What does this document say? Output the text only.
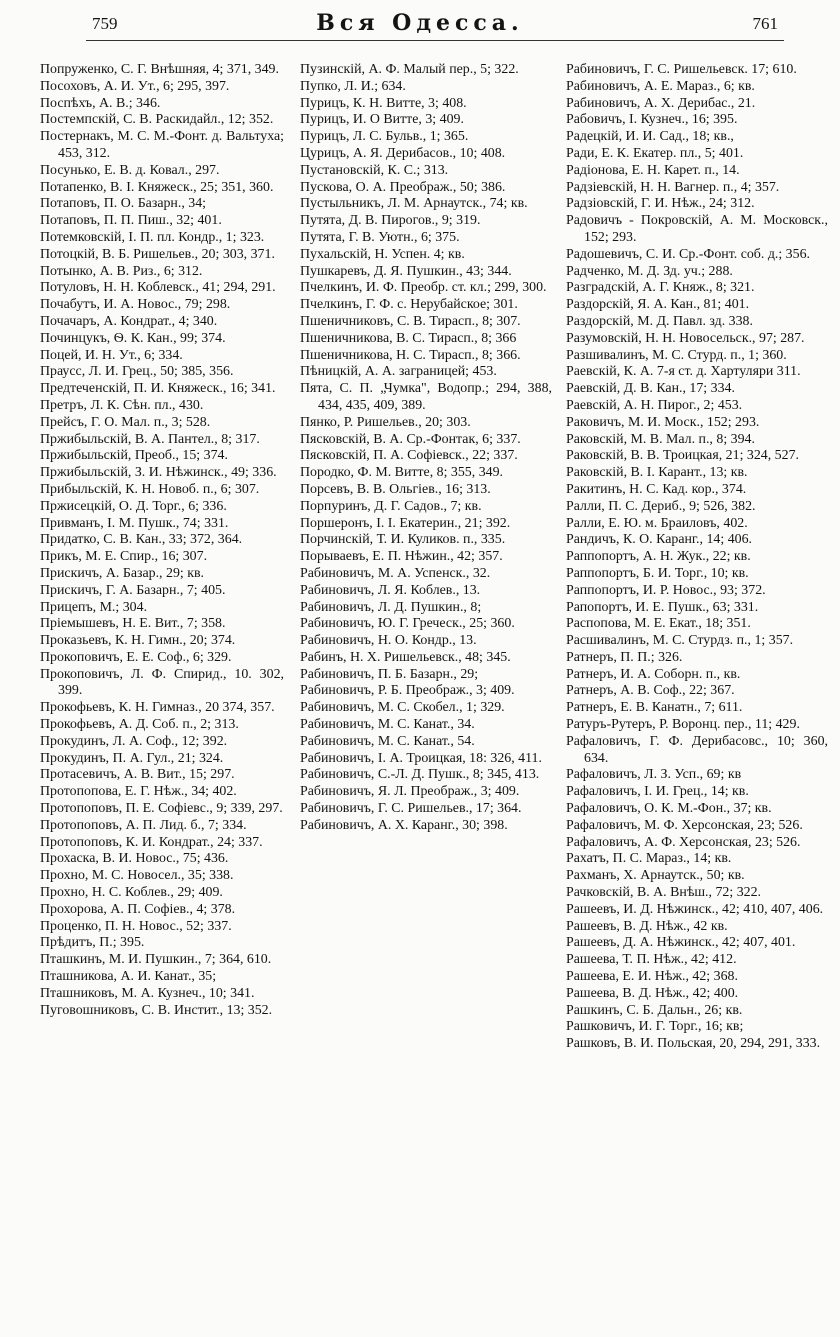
759	Вся Одесса.	761

Попруженко, С. Г. Внѣшняя, 4; 371, 349.

Посоховъ, А. И. Ут., 6; 295, 397.

Поспѣхъ, А. В.; 346.

Постемпскій, С. В. Раскидайл., 12; 352.

Постернакъ, М. С. М.-Фонт. д. Вальтуха; 453, 312.

Посунько, Е. В. д. Ковал., 297.

Потапенко, В. I. Княжеск., 25; 351, 360.

Потаповъ, П. О. Базарн., 34;

Потаповъ, П. П. Пиш., 32; 401.

Потемковскій, I. П. пл. Кондр., 1; 323.

Потоцкій, В. Б. Ришельев., 20; 303, 371.

Потынко, А. В. Риз., 6; 312.

Потуловъ, Н. Н. Коблевск., 41; 294, 291.

Почабутъ, И. А. Новос., 79; 298.

Почачаръ, А. Кондрат., 4; 340.

Починцукъ, Ѳ. К. Кан., 99; 374.

Поцей, И. Н. Ут., 6; 334.

Праусс, Л. И. Грец., 50; 385, 356.

Предтеченскій, П. И. Княжеск., 16; 341.

Претръ, Л. К. Сѣн. пл., 430.

Прейсъ, Г. О. Мал. п., 3; 528.

Пржибыльскій, В. А. Пантел., 8; 317.

Пржибыльскій, Преоб., 15; 374.

Пржибыльскій, З. И. Нѣжинск., 49; 336.

Прибыльскій, К. Н. Новоб. п., 6; 307.

Пржисецкій, О. Д. Торг., 6; 336.

Привманъ, I. М. Пушк., 74; 331.

Придатко, С. В. Кан., 33; 372, 364.

Прикъ, М. Е. Спир., 16; 307.

Прискичъ, А. Базар., 29; кв.

Прискичъ, Г. А. Базарн., 7; 405.

Прицепъ, М.; 304.

Пріемышевъ, Н. Е. Вит., 7; 358.

Проказьевъ, К. Н. Гимн., 20; 374.

Прокоповичъ, Е. Е. Соф., 6; 329.

Прокоповичъ, Л. Ф. Спирид., 10. 302, 399.

Прокофьевъ, К. Н. Гимназ., 20 374, 357.

Прокофьевъ, А. Д. Соб. п., 2; 313.

Прокудинъ, Л. А. Соф., 12; 392.

Прокудинъ, П. А. Гул., 21; 324.

Протасевичъ, А. В. Вит., 15; 297.

Протопопова, Е. Г. Нѣж., 34; 402.

Протопоповъ, П. Е. Софіевс., 9; 339, 297.

Протопоповъ, А. П. Лид. б., 7; 334.

Протопоповъ, К. И. Кондрат., 24; 337.

Прохаска, В. И. Новос., 75; 436.

Прохно, М. С. Новосел., 35; 338.

Прохно, Н. С. Коблев., 29; 409.

Прохорова, А. П. Софіев., 4; 378.

Проценко, П. Н. Новос., 52; 337.

Прѣдитъ, П.; 395.

Пташкинъ, М. И. Пушкин., 7; 364, 610.

Пташникова, А. И. Канат., 35;

Пташниковъ, М. А. Кузнеч., 10; 341.

Пуговошниковъ, С. В. Инстит., 13; 352.

Пузинскій, А. Ф. Малый пер., 5; 322.

Пупко, Л. И.; 634.

Пурицъ, К. Н. Витте, 3; 408.

Пурицъ, И. О Витте, 3; 409.

Пурицъ, Л. С. Бульв., 1; 365.

Цурицъ, А. Я. Дерибасов., 10; 408.

Пустановскій, К. С.; 313.

Пускова, О. А. Преображ., 50; 386.

Пустыльникъ, Л. М. Арнаутск., 74; кв.

Путята, Д. В. Пирогов., 9; 319.

Путята, Г. В. Уютн., 6; 375.

Пухальскій, Н. Успен. 4; кв.

Пушкаревъ, Д. Я. Пушкин., 43; 344.

Пчелкинъ, И. Ф. Преобр. ст. кл.; 299, 300.

Пчелкинъ, Г. Ф. с. Нерубайское; 301.

Пшеничниковъ, С. В. Тирасп., 8; 307.

Пшеничникова, В. С. Тирасп., 8; 366

Пшеничникова, Н. С. Тирасп., 8; 366.

Пѣницкій, А. А. заграницей; 453.

Пята, С. П. „Чумка", Водопр.; 294, 388, 434, 435, 409, 389.

Пянко, Р. Ришельев., 20; 303.

Пясковскій, В. А. Ср.-Фонтак, 6; 337.

Пясковскій, П. А. Софіевск., 22; 337.

Породко, Ф. М. Витте, 8; 355, 349.

Порсевъ, В. В. Ольгіев., 16; 313.

Порпуринъ, Д. Г. Садов., 7; кв.

Поршеронъ, I. I. Екатерин., 21; 392.

Порчинскій, Т. И. Куликов. п., 335.

Порываевъ, Е. П. Нѣжин., 42; 357.

Рабиновичъ, М. А. Успенск., 32.

Рабиновичъ, Л. Я. Коблев., 13.

Рабиновичъ, Л. Д. Пушкин., 8;

Рабиновичъ, Ю. Г. Греческ., 25; 360.

Рабиновичъ, Н. О. Кондр., 13.

Рабинъ, Н. Х. Ришельевск., 48; 345.

Рабиновичъ, П. Б. Базарн., 29;

Рабиновичъ, Р. Б. Преображ., 3; 409.

Рабиновичъ, М. С. Скобел., 1; 329.

Рабиновичъ, М. С. Канат., 34.

Рабиновичъ, М. С. Канат., 54.

Рабиновичъ, I. А. Троицкая, 18: 326, 411.

Рабиновичъ, С.-Л. Д. Пушк., 8; 345, 413.

Рабиновичъ, Я. Л. Преображ., 3; 409.

Рабиновичъ, Г. С. Ришельев., 17; 364.

Рабиновичъ, А. Х. Каранг., 30; 398.

Рабиновичъ, Г. С. Ришельевск. 17; 610.

Рабиновичъ, А. Е. Мараз., 6; кв.

Рабиновичъ, А. Х. Дерибас., 21.

Рабовичъ, I. Кузнеч., 16; 395.

Радецкій, И. И. Сад., 18; кв.,

Ради, Е. К. Екатер. пл., 5; 401.

Радіонова, Е. Н. Карет. п., 14.

Радзіевскій, Н. Н. Вагнер. п., 4; 357.

Радзіовскій, Г. И. Нѣж., 24; 312.

Радовичъ - Покровскій, А. М. Московск., 152; 293.

Радошевичъ, С. И. Ср.-Фонт. соб. д.; 356.

Радченко, М. Д. Зд. уч.; 288.

Разградскій, А. Г. Княж., 8; 321.

Раздорскій, Я. А. Кан., 81; 401.

Раздорскій, М. Д. Павл. зд. 338.

Разумовскій, Н. Н. Новосельск., 97; 287.

Разшивалинъ, М. С. Стурд. п., 1; 360.

Раевскій, К. А. 7-я ст. д. Хартуляри 311.

Раевскій, Д. В. Кан., 17; 334.

Раевскій, А. Н. Пирог., 2; 453.

Раковичъ, М. И. Моск., 152; 293.

Раковскій, М. В. Мал. п., 8; 394.

Раковскій, В. В. Троицкая, 21; 324, 527.

Раковскій, В. I. Карант., 13; кв.

Ракитинъ, Н. С. Кад. кор., 374.

Ралли, П. С. Дериб., 9; 526, 382.

Ралли, Е. Ю. м. Браиловъ, 402.

Рандичъ, К. О. Каранг., 14; 406.

Раппопортъ, А. Н. Жук., 22; кв.

Раппопортъ, Б. И. Торг., 10; кв.

Раппопортъ, И. Р. Новос., 93; 372.

Рапопортъ, И. Е. Пушк., 63; 331.

Распопова, М. Е. Екат., 18; 351.

Расшивалинъ, М. С. Стурдз. п., 1; 357.

Ратнеръ, П. П.; 326.

Ратнеръ, И. А. Соборн. п., кв.

Ратнеръ, А. В. Соф., 22; 367.

Ратнеръ, Е. В. Канатн., 7; 611.

Ратуръ-Рутеръ, Р. Воронц. пер., 11; 429.

Рафаловичъ, Г. Ф. Дерибасовс., 10; 360, 634.

Рафаловичъ, Л. З. Усп., 69; кв

Рафаловичъ, I. И. Грец., 14; кв.

Рафаловичъ, О. К. М.-Фон., 37; кв.

Рафаловичъ, М. Ф. Херсонская, 23; 526.

Рафаловичъ, А. Ф. Херсонская, 23; 526.

Рахатъ, П. С. Мараз., 14; кв.

Рахманъ, Х. Арнаутск., 50; кв.

Рачковскій, В. А. Внѣш., 72; 322.

Рашеевъ, И. Д. Нѣжинск., 42; 410, 407, 406.

Рашеевъ, В. Д. Нѣж., 42 кв.

Рашеевъ, Д. А. Нѣжинск., 42; 407, 401.

Рашеева, Т. П. Нѣж., 42; 412.

Рашеева, Е. И. Нѣж., 42; 368.

Рашеева, В. Д. Нѣж., 42; 400.

Рашкинъ, С. Б. Дальн., 26; кв.

Рашковичъ, И. Г. Торг., 16; кв;

Рашковъ, В. И. Польская, 20, 294, 291, 333.
